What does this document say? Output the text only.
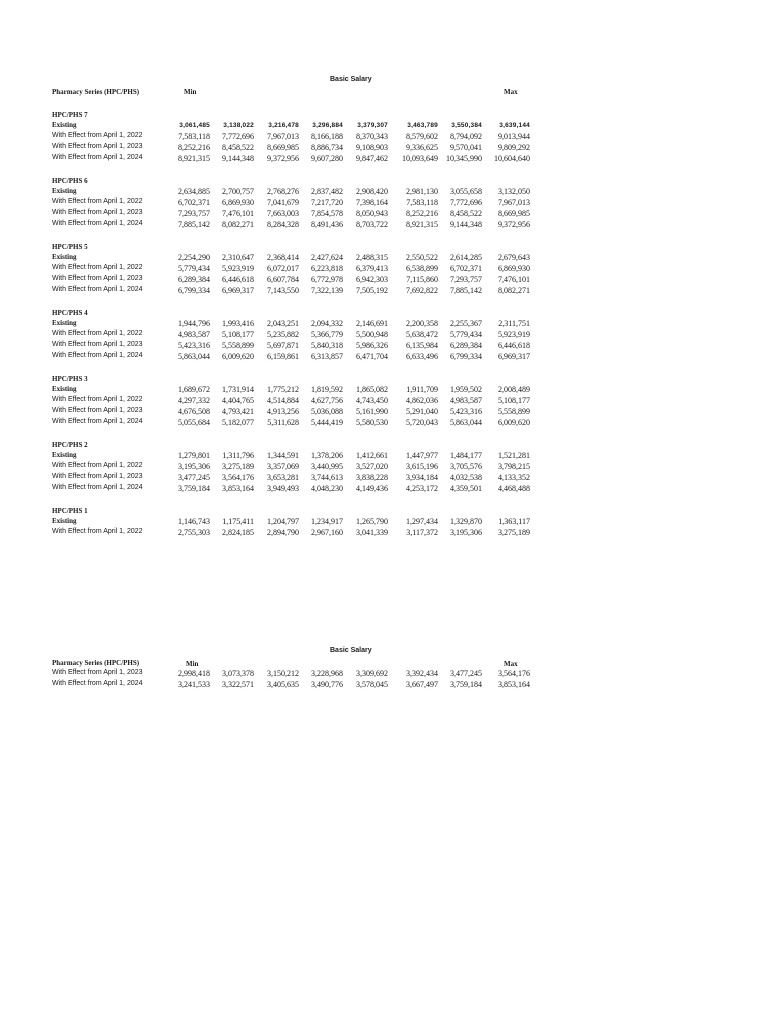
Basic Salary
Pharmacy Series (HPC/PHS)	Min	Max
HPC/PHS 7
Existing	3,061,485 3,138,022 3,216,478 3,296,884 3,379,307	3,463,789 3,550,384	3,639,144
With Effect from April 1, 2022	7,583,118 7,772,696 7,967,013 8,166,188 8,370,343 8,579,602 8,794,092 9,013,944
With Effect from April 1, 2023	8,252,216 8,458,522 8,669,985 8,886,734 9,108,903 9,336,625 9,570,041 9,809,292
With Effect from April 1, 2024	8,921,315 9,144,348 9,372,956 9,607,280 9,847,462 10,093,649 10,345,990 10,604,640
HPC/PHS 6
Existing	2,634,885 2,700,757 2,768,276 2,837,482 2,908,420 2,981,130 3,055,658 3,132,050
With Effect from April 1, 2022	6,702,371 6,869,930 7,041,679 7,217,720 7,398,164 7,583,118 7,772,696 7,967,013
With Effect from April 1, 2023	7,293,757 7,476,101 7,663,003 7,854,578 8,050,943 8,252,216 8,458,522 8,669,985
With Effect from April 1, 2024	7,885,142 8,082,271 8,284,328 8,491,436 8,703,722 8,921,315 9,144,348 9,372,956
HPC/PHS 5
Existing	2,254,290 2,310,647 2,368,414 2,427,624 2,488,315 2,550,522 2,614,285 2,679,643
With Effect from April 1, 2022	5,779,434 5,923,919 6,072,017 6,223,818 6,379,413 6,538,899 6,702,371 6,869,930
With Effect from April 1, 2023	6,289,384 6,446,618 6,607,784 6,772,978 6,942,303 7,115,860 7,293,757 7,476,101
With Effect from April 1, 2024	6,799,334 6,969,317 7,143,550 7,322,139 7,505,192 7,692,822 7,885,142 8,082,271
HPC/PHS 4
Existing	1,944,796 1,993,416 2,043,251 2,094,332 2,146,691 2,200,358 2,255,367 2,311,751
With Effect from April 1, 2022	4,983,587 5,108,177 5,235,882 5,366,779 5,500,948 5,638,472 5,779,434 5,923,919
With Effect from April 1, 2023	5,423,316 5,558,899 5,697,871 5,840,318 5,986,326 6,135,984 6,289,384 6,446,618
With Effect from April 1, 2024	5,863,044 6,009,620 6,159,861 6,313,857 6,471,704 6,633,496 6,799,334 6,969,317
HPC/PHS 3
Existing	1,689,672 1,731,914 1,775,212 1,819,592 1,865,082 1,911,709 1,959,502 2,008,489
With Effect from April 1, 2022	4,297,332 4,404,765 4,514,884 4,627,756 4,743,450 4,862,036 4,983,587 5,108,177
With Effect from April 1, 2023	4,676,508 4,793,421 4,913,256 5,036,088 5,161,990 5,291,040 5,423,316 5,558,899
With Effect from April 1, 2024	5,055,684 5,182,077 5,311,628 5,444,419 5,580,530 5,720,043 5,863,044 6,009,620
HPC/PHS 2
Existing	1,279,801 1,311,796 1,344,591 1,378,206 1,412,661 1,447,977 1,484,177 1,521,281
With Effect from April 1, 2022	3,195,306 3,275,189 3,357,069 3,440,995 3,527,020 3,615,196 3,705,576 3,798,215
With Effect from April 1, 2023	3,477,245 3,564,176 3,653,281 3,744,613 3,838,228 3,934,184 4,032,538 4,133,352
With Effect from April 1, 2024	3,759,184 3,853,164 3,949,493 4,048,230 4,149,436 4,253,172 4,359,501 4,468,488
HPC/PHS 1
Existing	1,146,743 1,175,411 1,204,797 1,234,917 1,265,790 1,297,434 1,329,870 1,363,117
With Effect from April 1, 2022	2,755,303 2,824,185 2,894,790 2,967,160 3,041,339 3,117,372 3,195,306 3,275,189
Basic Salary
Pharmacy Series (HPC/PHS)	Min	Max
With Effect from April 1, 2023	2,998,418 3,073,378 3,150,212 3,228,968 3,309,692 3,392,434 3,477,245 3,564,176
With Effect from April 1, 2024	3,241,533 3,322,571 3,405,635 3,490,776 3,578,045 3,667,497 3,759,184 3,853,164
